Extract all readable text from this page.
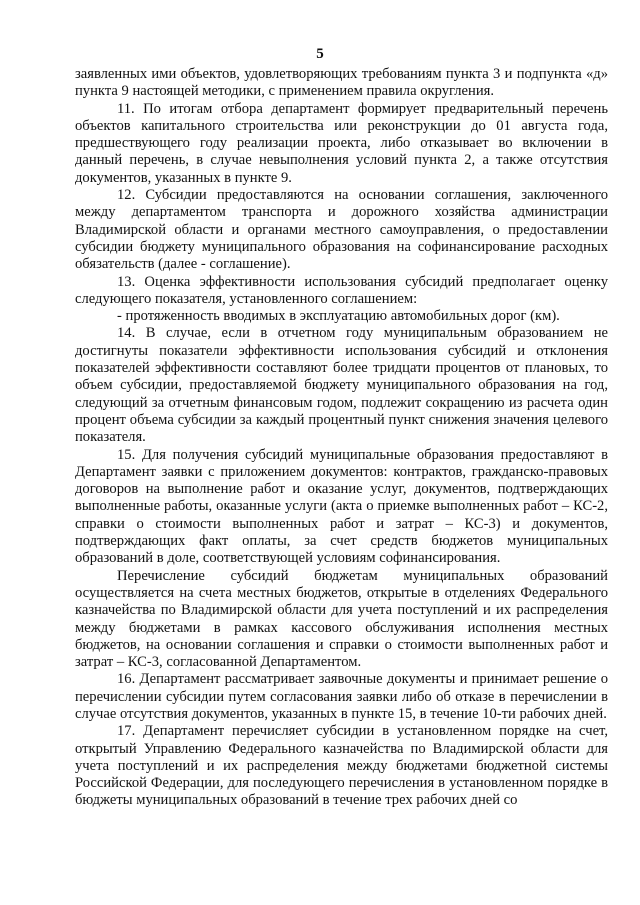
5

заявленных ими объектов, удовлетворяющих требованиям пункта 3 и подпункта «д» пункта 9 настоящей методики, с применением правила округления.

11. По итогам отбора департамент формирует предварительный перечень объектов капитального строительства или реконструкции до 01 августа года, предшествующего году реализации проекта, либо отказывает во включении в данный перечень, в случае невыполнения условий пункта 2, а также отсутствия документов, указанных в пункте 9.

12. Субсидии предоставляются на основании соглашения, заключенного между департаментом транспорта и дорожного хозяйства администрации Владимирской области и органами местного самоуправления, о предоставлении субсидии бюджету муниципального образования на софинансирование расходных обязательств (далее - соглашение).

13. Оценка эффективности использования субсидий предполагает оценку следующего показателя, установленного соглашением:

- протяженность вводимых в эксплуатацию автомобильных дорог (км).

14. В случае, если в отчетном году муниципальным образованием не достигнуты показатели эффективности использования субсидий и отклонения показателей эффективности составляют более тридцати процентов от плановых, то объем субсидии, предоставляемой бюджету муниципального образования на год, следующий за отчетным финансовым годом, подлежит сокращению из расчета один процент объема субсидии за каждый процентный пункт снижения значения целевого показателя.

15. Для получения субсидий муниципальные образования предоставляют в Департамент заявки с приложением документов: контрактов, гражданско-правовых договоров на выполнение работ и оказание услуг, документов, подтверждающих выполненные работы, оказанные услуги (акта о приемке выполненных работ – КС-2, справки о стоимости выполненных работ и затрат – КС-3) и документов, подтверждающих факт оплаты, за счет средств бюджетов муниципальных образований в доле, соответствующей условиям софинансирования.

Перечисление субсидий бюджетам муниципальных образований осуществляется на счета местных бюджетов, открытые в отделениях Федерального казначейства по Владимирской области для учета поступлений и их распределения между бюджетами в рамках кассового обслуживания исполнения местных бюджетов, на основании соглашения и справки о стоимости выполненных работ и затрат – КС-3, согласованной Департаментом.

16. Департамент рассматривает заявочные документы и принимает решение о перечислении субсидии путем согласования заявки либо об отказе в перечислении в случае отсутствия документов, указанных в пункте 15, в течение 10-ти рабочих дней.

17. Департамент перечисляет субсидии в установленном порядке на счет, открытый Управлению Федерального казначейства по Владимирской области для учета поступлений и их распределения между бюджетами бюджетной системы Российской Федерации, для последующего перечисления в установленном порядке в бюджеты муниципальных образований в течение трех рабочих дней со
